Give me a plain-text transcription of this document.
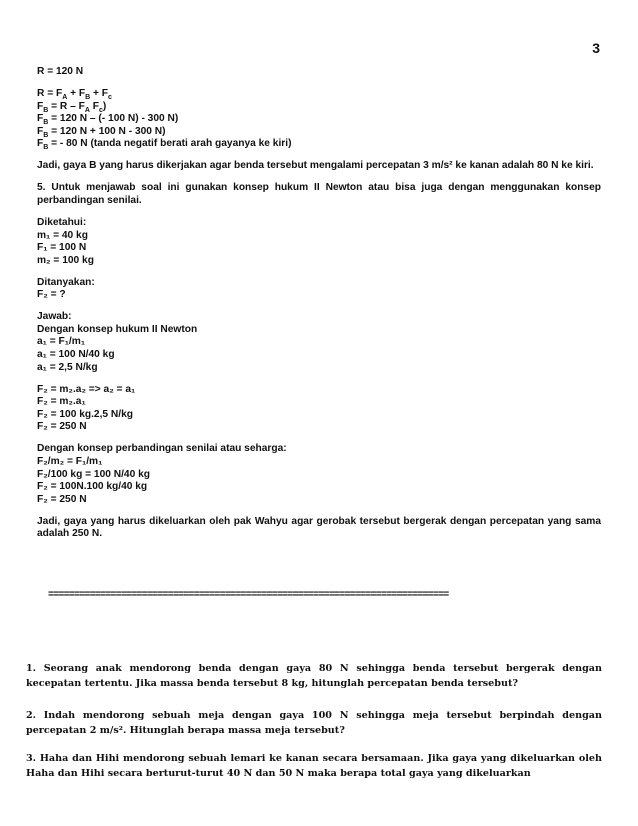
3
R = 120 N
$R = F_A + F_B + F_c$
$F_B = R - F_A$ $F_c$)
$F_B = 120$ N – (- 100 N) - 300 N)
$F_B = 120$ N + 100 N - 300 N)
$F_B$ = - 80 N (tanda negatif berati arah gayanya ke kiri)
Jadi, gaya B yang harus dikerjakan agar benda tersebut mengalami percepatan 3 m/s² ke kanan adalah 80 N ke kiri.
5. Untuk menjawab soal ini gunakan konsep hukum II Newton atau bisa juga dengan menggunakan konsep perbandingan senilai.
Diketahui:
m₁ = 40 kg
F₁ = 100 N
m₂ = 100 kg
Ditanyakan:
F₂ = ?
Jawab:
Dengan konsep hukum II Newton
a₁ = F₁/m₁
a₁ = 100 N/40 kg
a₁ = 2,5 N/kg
F₂ = m₂.a₂ => a₂ = a₁
F₂ = m₂.a₁
F₂ = 100 kg.2,5 N/kg
F₂ = 250 N
Dengan konsep perbandingan senilai atau seharga:
F₂/m₂ = F₁/m₁
F₂/100 kg = 100 N/40 kg
F₂ = 100N.100 kg/40 kg
F₂ = 250 N
Jadi, gaya yang harus dikeluarkan oleh pak Wahyu agar gerobak tersebut bergerak dengan percepatan yang sama adalah 250 N.
=============================================================================

1. Seorang anak mendorong benda dengan gaya 80 N sehingga benda tersebut bergerak dengan kecepatan tertentu. Jika massa benda tersebut 8 kg, hitunglah percepatan benda tersebut?

2. Indah mendorong sebuah meja dengan gaya 100 N sehingga meja tersebut berpindah dengan percepatan 2 m/s². Hitunglah berapa massa meja tersebut?

3. Haha dan Hihi mendorong sebuah lemari ke kanan secara bersamaan. Jika gaya yang dikeluarkan oleh Haha dan Hihi secara berturut-turut 40 N dan 50 N maka berapa total gaya yang dikeluarkan
